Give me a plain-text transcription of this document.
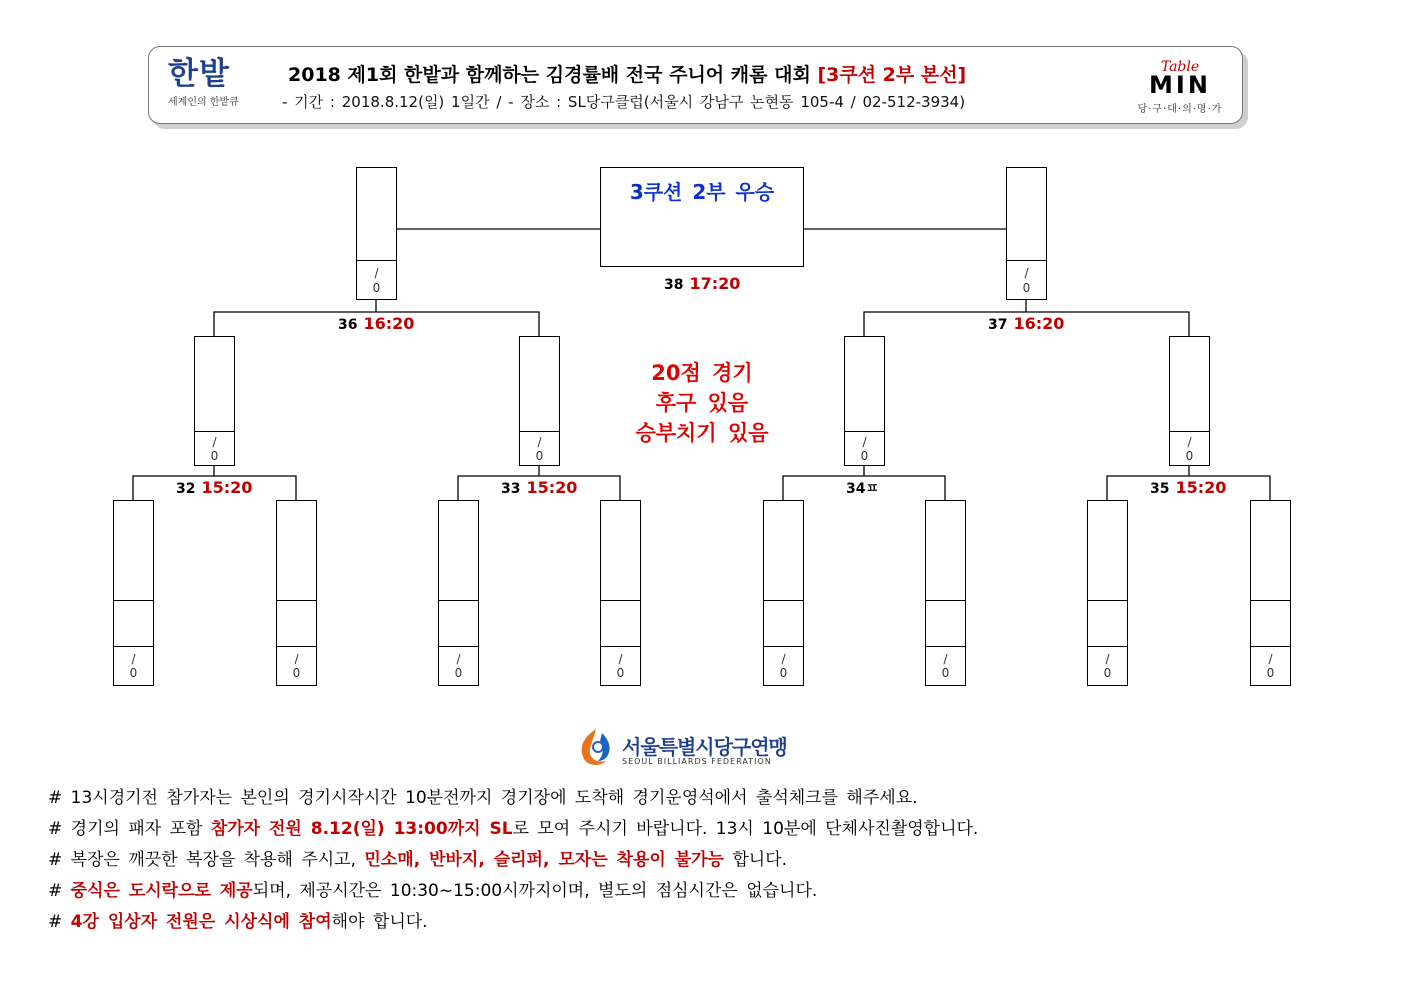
한밭
세계인의 한밭큐
2018 제1회 한밭과 함께하는 김경률배 전국 주니어 캐롬 대회 [3쿠션 2부 본선]
- 기간 : 2018.8.12(일) 1일간 / - 장소 : SL당구클럽(서울시 강남구 논현동 105-4 / 02-512-3934)
Table
MIN
당·구·대·의·명·가
3쿠션 2부 우승
38 17:20
/
0
/
0
36 16:20	37 16:20
/
0
/
0
/
0
/
0
20점 경기
후구 있음
승부치기 있음
32 15:20	33 15:20	34ㅍ	35 15:20
/
0
/
0
/
0
/
0
/
0
/
0
/
0
/
0
서울특별시당구연맹
SEOUL BILLIARDS FEDERATION
# 13시경기전 참가자는 본인의 경기시작시간 10분전까지 경기장에 도착해 경기운영석에서 출석체크를 해주세요.
# 경기의 패자 포함 참가자 전원 8.12(일) 13:00까지 SL로 모여 주시기 바랍니다. 13시 10분에 단체사진촬영합니다.
# 복장은 깨끗한 복장을 착용해 주시고, 민소매, 반바지, 슬리퍼, 모자는 착용이 불가능 합니다.
# 중식은 도시락으로 제공되며, 제공시간은 10:30~15:00시까지이며, 별도의 점심시간은 없습니다.
# 4강 입상자 전원은 시상식에 참여해야 합니다.
